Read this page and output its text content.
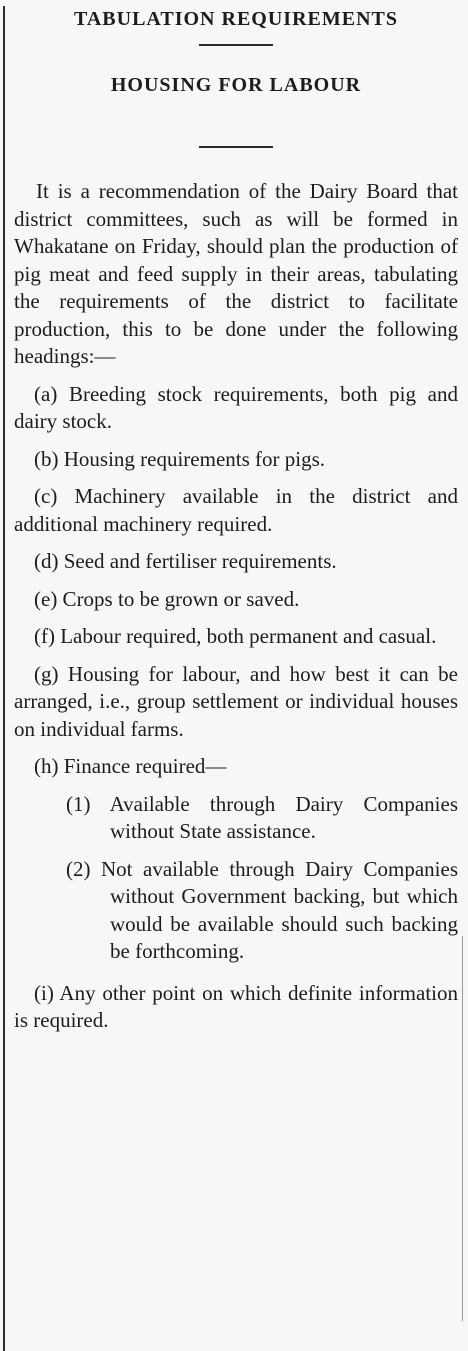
TABULATION REQUIREMENTS
HOUSING FOR LABOUR

It is a recommendation of the Dairy Board that district committees, such as will be formed in Whakatane on Friday, should plan the production of pig meat and feed supply in their areas, tabulating the requirements of the district to facilitate production, this to be done under the following headings:—

(a) Breeding stock requirements, both pig and dairy stock.

(b) Housing requirements for pigs.

(c) Machinery available in the district and additional machinery required.

(d) Seed and fertiliser requirements.

(e) Crops to be grown or saved.

(f) Labour required, both permanent and casual.

(g) Housing for labour, and how best it can be arranged, i.e., group settlement or individual houses on individual farms.

(h) Finance required—

(1) Available through Dairy Companies without State assistance.

(2) Not available through Dairy Companies without Government backing, but which would be available should such backing be forthcoming.

(i) Any other point on which definite information is required.
